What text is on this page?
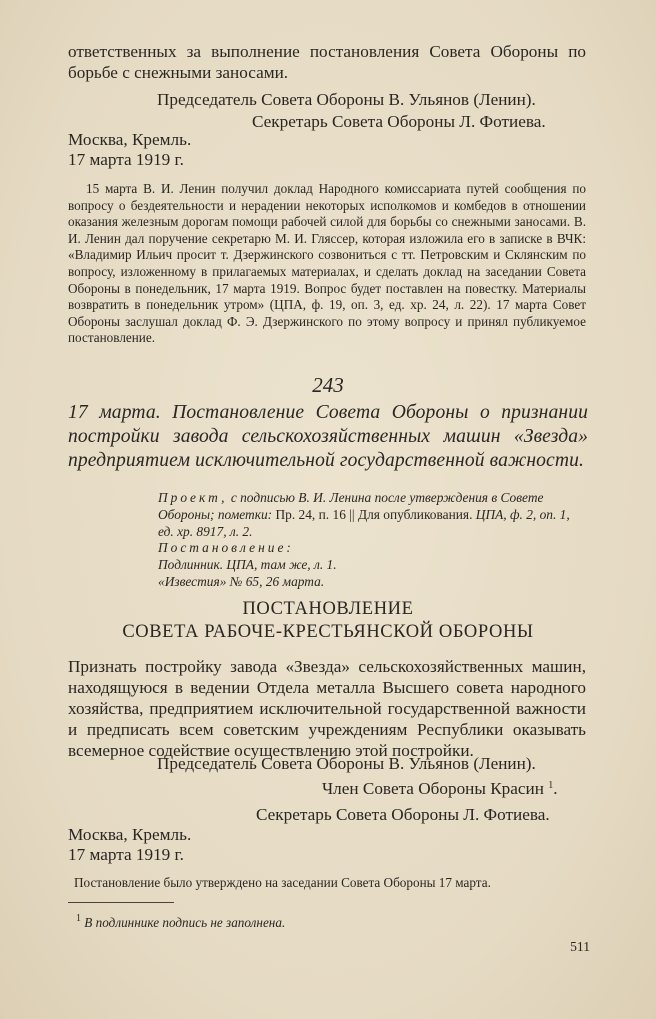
ответственных за выполнение постановления Совета Обороны по борьбе с снежными заносами.

Председатель Совета Обороны В. Ульянов (Ленин).

Секретарь Совета Обороны Л. Фотиева.

Москва, Кремль.

17 марта 1919 г.

15 марта В. И. Ленин получил доклад Народного комиссариата путей сообщения по вопросу о бездеятельности и нерадении некоторых исполкомов и комбедов в отношении оказания железным дорогам помощи рабочей силой для борьбы со снежными заносами. В. И. Ленин дал поручение секретарю М. И. Гляссер, которая изложила его в записке в ВЧК: «Владимир Ильич просит т. Дзержинского созвониться с тт. Петровским и Склянским по вопросу, изложенному в прилагаемых материалах, и сделать доклад на заседании Совета Обороны в понедельник, 17 марта 1919. Вопрос будет поставлен на повестку. Материалы возвратить в понедельник утром» (ЦПА, ф. 19, оп. 3, ед. хр. 24, л. 22). 17 марта Совет Обороны заслушал доклад Ф. Э. Дзержинского по этому вопросу и принял публикуемое постановление.

243

17 марта. Постановление Совета Обороны о признании постройки завода сельскохозяйственных машин «Звезда» предприятием исключительной государственной важности.

Проект, с подписью В. И. Ленина после утверждения в Совете Обороны; пометки: Пр. 24, п. 16 || Для опубликования. ЦПА, ф. 2, оп. 1, ед. хр. 8917, л. 2.
Постановление:
Подлинник. ЦПА, там же, л. 1.
«Известия» № 65, 26 марта.

ПОСТАНОВЛЕНИЕ

СОВЕТА РАБОЧЕ-КРЕСТЬЯНСКОЙ ОБОРОНЫ

Признать постройку завода «Звезда» сельскохозяйственных машин, находящуюся в ведении Отдела металла Высшего совета народного хозяйства, предприятием исключительной государственной важности и предписать всем советским учреждениям Республики оказывать всемерное содействие осуществлению этой постройки.

Председатель Совета Обороны В. Ульянов (Ленин).

Член Совета Обороны Красин $^1$.

Секретарь Совета Обороны Л. Фотиева.

Москва, Кремль.

17 марта 1919 г.

Постановление было утверждено на заседании Совета Обороны 17 марта.

$^1$ В подлиннике подпись не заполнена.

511
